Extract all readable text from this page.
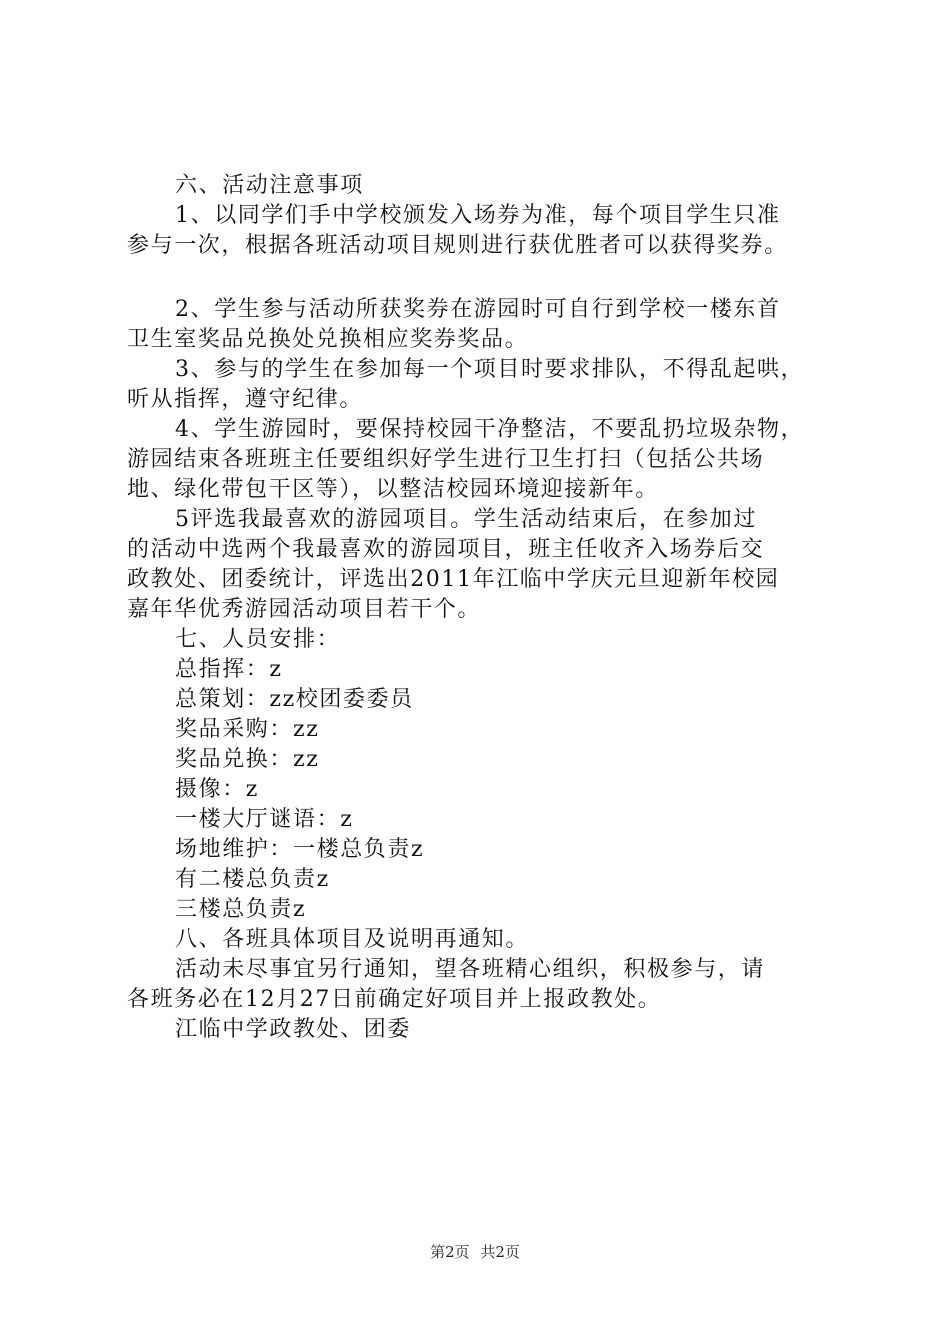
六、活动注意事项
1、以同学们手中学校颁发入场券为准，每个项目学生只准
参与一次，根据各班活动项目规则进行获优胜者可以获得奖券。
2、学生参与活动所获奖券在游园时可自行到学校一楼东首
卫生室奖品兑换处兑换相应奖券奖品。
3、参与的学生在参加每一个项目时要求排队，不得乱起哄，
听从指挥，遵守纪律。
4、学生游园时，要保持校园干净整洁，不要乱扔垃圾杂物，
游园结束各班班主任要组织好学生进行卫生打扫（包括公共场
地、绿化带包干区等），以整洁校园环境迎接新年。
5评选我最喜欢的游园项目。学生活动结束后，在参加过
的活动中选两个我最喜欢的游园项目，班主任收齐入场券后交
政教处、团委统计，评选出2011年江临中学庆元旦迎新年校园
嘉年华优秀游园活动项目若干个。
七、人员安排：
总指挥：z
总策划：zz校团委委员
奖品采购：zz
奖品兑换：zz
摄像：z
一楼大厅谜语：z
场地维护：一楼总负责z
有二楼总负责z
三楼总负责z
八、各班具体项目及说明再通知。
活动未尽事宜另行通知，望各班精心组织，积极参与，请
各班务必在12月27日前确定好项目并上报政教处。
江临中学政教处、团委
第2页 共2页
